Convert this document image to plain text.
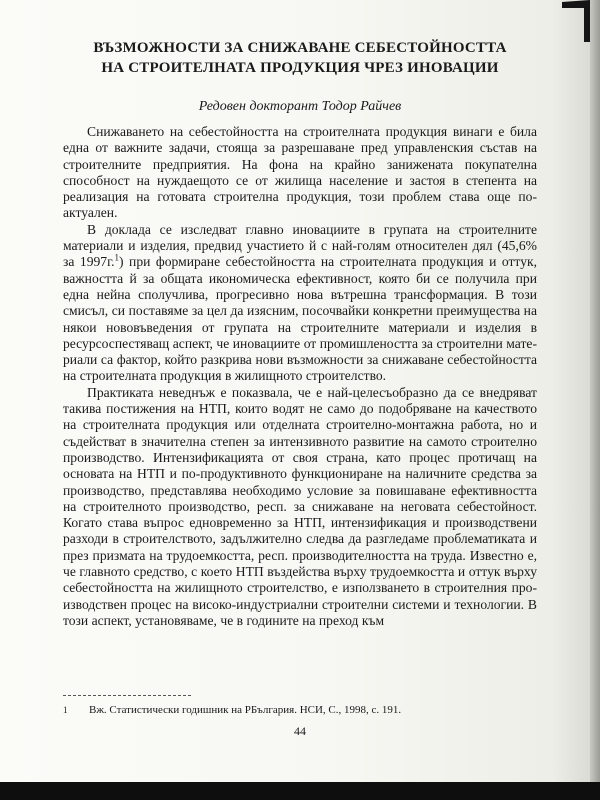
ВЪЗМОЖНОСТИ ЗА СНИЖАВАНЕ СЕБЕСТОЙНОСТТА
НА СТРОИТЕЛНАТА ПРОДУКЦИЯ ЧРЕЗ ИНОВАЦИИ
Редовен докторант Тодор Райчев

Снижаването на себестойността на строителната продукция винаги е била една от важните задачи, стояща за разрешаване пред управленския състав на строителните предприятия. На фона на крайно занижената покупателна способност на нуждаещото се от жилища население и застоя в степента на реализация на готовата строителна продукция, този проблем става още по-актуален.

В доклада се изследват главно иновациите в групата на строителните материали и изделия, предвид участието й с най-голям относителен дял (45,6% за 1997г.$^1$) при формиране себестойността на строителната продукция и оттук, важността й за общата икономическа ефективност, която би се получила при една нейна сполучлива, прогресивно нова вътрешна трансформация. В този смисъл, си поставяме за цел да изясним, посочвайки конкретни преимущества на някои нововъведения от групата на строителните материали и изделия в ресурсоспестяващ аспект, че иновациите от промишлеността за строителни материали са фактор, който разкрива нови възможности за снижаване себестойността на строителната продукция в жилищното строителство.

Практиката неведнъж е показвала, че е най-целесъобразно да се внедряват такива постижения на НТП, които водят не само до подобряване на качеството на строителната продукция или отделната строително-монтажна работа, но и съдействат в значителна степен за интензивното развитие на самото строително производство. Интензификацията от своя страна, като процес протичащ на основата на НТП и по-продуктивното функциониране на наличните средства за производство, представлява необходимо условие за повишаване ефективността на строителното производство, респ. за снижаване на неговата себестойност. Когато става въпрос едновременно за НТП, интензификация и производствени разходи в строителството, задължително следва да разгледаме проблематиката и през призмата на трудоемкостта, респ. производителността на труда. Известно е, че главното средство, с което НТП въздейства върху трудоемкостта и оттук върху себестойността на жилищното строителство, е използването в строителния производствен процес на високо-индустриални строителни системи и технологии. В този аспект, установяваме, че в годините на преход към

1 Вж. Статистически годишник на РБългария. НСИ, С., 1998, с. 191.
44
